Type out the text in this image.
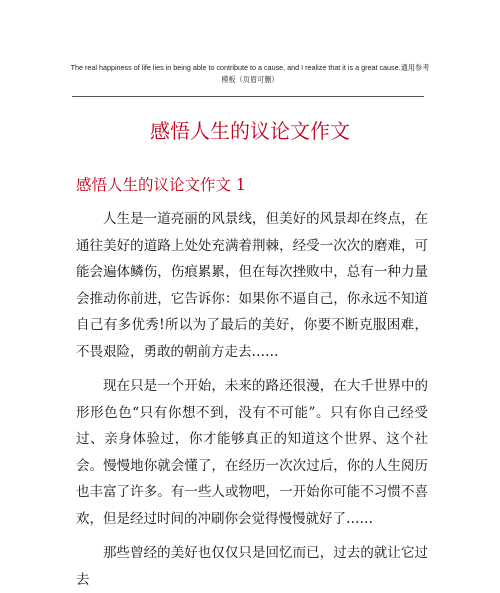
The real happiness of life lies in being able to contribute to a cause, and I realize that it is a great cause.通用参考
模板（页眉可删）
感悟人生的议论文作文
感悟人生的议论文作文 1
人生是一道亮丽的风景线，但美好的风景却在终点，在通往美好的道路上处处充满着荆棘，经受一次次的磨难，可能会遍体鳞伤，伤痕累累，但在每次挫败中，总有一种力量会推动你前进，它告诉你：如果你不逼自己，你永远不知道自己有多优秀!所以为了最后的美好，你要不断克服困难，不畏艰险，勇敢的朝前方走去……
现在只是一个开始，未来的路还很漫，在大千世界中的形形色色“只有你想不到，没有不可能”。只有你自己经受过、亲身体验过，你才能够真正的知道这个世界、这个社会。慢慢地你就会懂了，在经历一次次过后，你的人生阅历也丰富了许多。有一些人或物吧，一开始你可能不习惯不喜欢，但是经过时间的冲刷你会觉得慢慢就好了……
那些曾经的美好也仅仅只是回忆而已，过去的就让它过去
